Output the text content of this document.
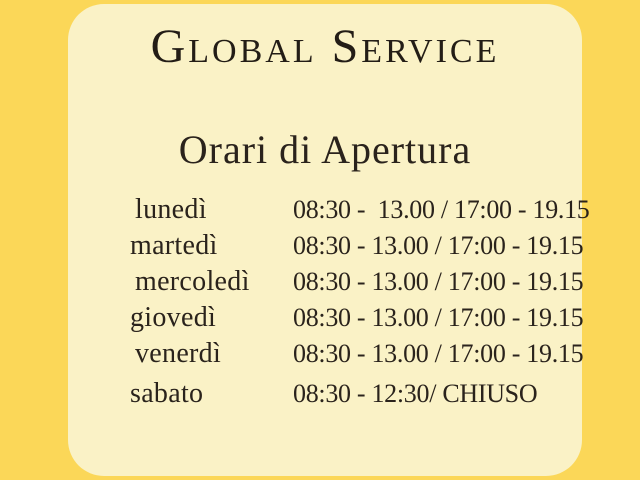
Global Service
Orari di Apertura
lunedì	08:30 -  13.00 / 17:00 - 19.15
martedì	08:30 - 13.00 / 17:00 - 19.15
mercoledì 08:30 - 13.00 / 17:00 - 19.15
giovedì	08:30 - 13.00 / 17:00 - 19.15
venerdì	08:30 - 13.00 / 17:00 - 19.15
sabato	08:30 - 12:30/ CHIUSO
